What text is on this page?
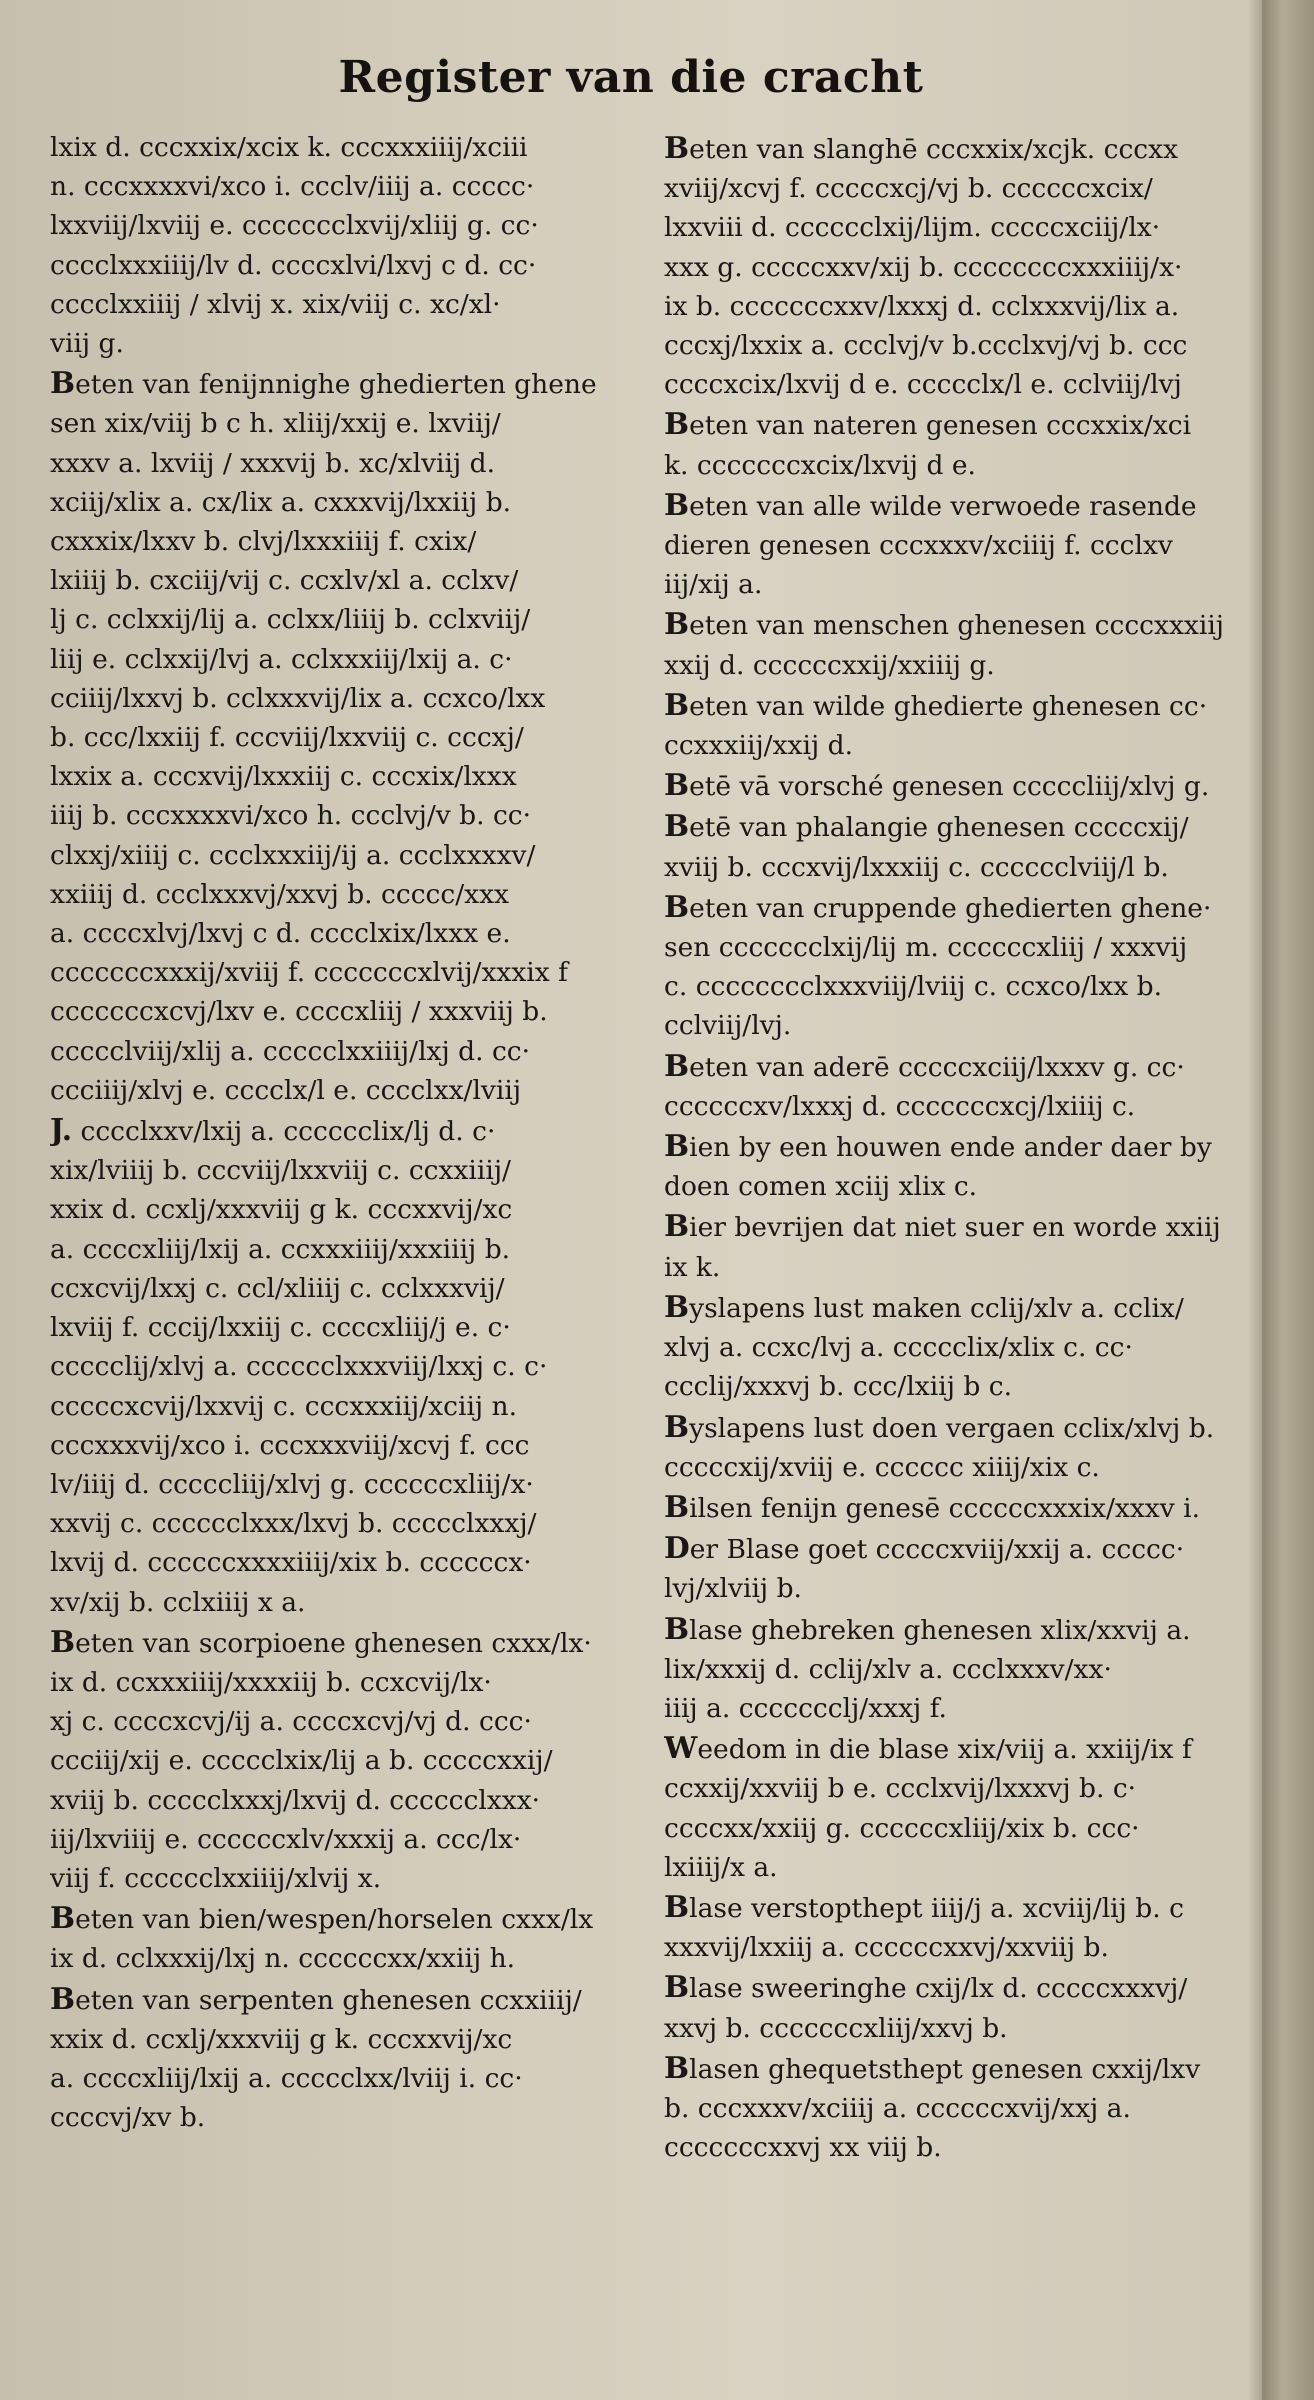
Register van die cracht
lxix d. cccxxix/xcix k. cccxxxiiij/xciii
n. cccxxxxvi/xco i. ccclv/iiij a. ccccc·
lxxviij/lxviij e. ccccccclxvij/xliij g. cc·
cccclxxxiiij/lv d. ccccxlvi/lxvj c d. cc·
cccclxxiiij / xlvij x. xix/viij c. xc/xl·
viij g.
Beten van fenijnnighe ghedierten ghene
sen xix/viij b c h. xliij/xxij e. lxviij/
xxxv a. lxviij / xxxvij b. xc/xlviij d.
xciij/xlix a. cx/lix a. cxxxvij/lxxiij b.
cxxxix/lxxv b. clvj/lxxxiiij f. cxix/
lxiiij b. cxciij/vij c. ccxlv/xl a. cclxv/
lj c. cclxxij/lij a. cclxx/liiij b. cclxviij/
liij e. cclxxij/lvj a. cclxxxiij/lxij a. c·
cciiij/lxxvj b. cclxxxvij/lix a. ccxco/lxx
b. ccc/lxxiij f. cccviij/lxxviij c. cccxj/
lxxix a. cccxvij/lxxxiij c. cccxix/lxxx
iiij b. cccxxxxvi/xco h. ccclvj/v b. cc·
clxxj/xiiij c. ccclxxxiij/ij a. ccclxxxxv/
xxiiij d. ccclxxxvj/xxvj b. ccccc/xxx
a. ccccxlvj/lxvj c d. cccclxix/lxxx e.
cccccccxxxij/xviij f. cccccccxlvij/xxxix f
cccccccxcvj/lxv e. ccccxliij / xxxviij b.
ccccclviij/xlij a. ccccclxxiiij/lxj d. cc·
ccciiij/xlvj e. cccclx/l e. cccclxx/lviij
J. cccclxxv/lxij a. cccccclix/lj d. c·
xix/lviiij b. cccviij/lxxviij c. ccxxiiij/
xxix d. ccxlj/xxxviij g k. cccxxvij/xc
a. ccccxliij/lxij a. ccxxxiiij/xxxiiij b.
ccxcvij/lxxj c. ccl/xliiij c. cclxxxvij/
lxviij f. cccij/lxxiij c. ccccxliij/j e. c·
ccccclij/xlvj a. cccccclxxxviij/lxxj c. c·
cccccxcvij/lxxvij c. cccxxxiij/xciij n.
cccxxxvij/xco i. cccxxxviij/xcvj f. ccc
lv/iiij d. cccccliij/xlvj g. ccccccxliij/x·
xxvij c. cccccclxxx/lxvj b. ccccclxxxj/
lxvij d. ccccccxxxxiiij/xix b. ccccccx·
xv/xij b. cclxiiij x a.
Beten van scorpioene ghenesen cxxx/lx·
ix d. ccxxxiiij/xxxxiij b. ccxcvij/lx·
xj c. ccccxcvj/ij a. ccccxcvj/vj d. ccc·
ccciij/xij e. ccccclxix/lij a b. cccccxxij/
xviij b. ccccclxxxj/lxvij d. cccccclxxx·
iij/lxviiij e. ccccccxlv/xxxij a. ccc/lx·
viij f. cccccclxxiiij/xlvij x.
Beten van bien/wespen/horselen cxxx/lx
ix d. cclxxxij/lxj n. ccccccxx/xxiij h.
Beten van serpenten ghenesen ccxxiiij/
xxix d. ccxlj/xxxviij g k. cccxxvij/xc
a. ccccxliij/lxij a. ccccclxx/lviij i. cc·
ccccvj/xv b.
Beten van slanghē cccxxix/xcjk. cccxx
xviij/xcvj f. cccccxcj/vj b. ccccccxcix/
lxxviii d. cccccclxij/lijm. cccccxciij/lx·
xxx g. cccccxxv/xij b. ccccccccxxxiiij/x·
ix b. cccccccxxv/lxxxj d. cclxxxvij/lix a.
cccxj/lxxix a. ccclvj/v b.ccclxvj/vj b. ccc
ccccxcix/lxvij d e. ccccclx/l e. cclviij/lvj
Beten van nateren genesen cccxxix/xci
k. cccccccxcix/lxvij d e.
Beten van alle wilde verwoede rasende
dieren genesen cccxxxv/xciiij f. ccclxv
iij/xij a.
Beten van menschen ghenesen ccccxxxiij
xxij d. ccccccxxij/xxiiij g.
Beten van wilde ghedierte ghenesen cc·
ccxxxiij/xxij d.
Betē vā vorsché genesen cccccliij/xlvj g.
Betē van phalangie ghenesen cccccxij/
xviij b. cccxvij/lxxxiij c. cccccclviij/l b.
Beten van cruppende ghedierten ghene·
sen ccccccclxij/lij m. ccccccxliij / xxxvij
c. cccccccclxxxviij/lviij c. ccxco/lxx b.
cclviij/lvj.
Beten van aderē cccccxciij/lxxxv g. cc·
ccccccxv/lxxxj d. cccccccxcj/lxiiij c.
Bien by een houwen ende ander daer by
doen comen xciij xlix c.
Bier bevrijen dat niet suer en worde xxiij
ix k.
Byslapens lust maken cclij/xlv a. cclix/
xlvj a. ccxc/lvj a. ccccclix/xlix c. cc·
ccclij/xxxvj b. ccc/lxiij b c.
Byslapens lust doen vergaen cclix/xlvj b.
cccccxij/xviij e. cccccc xiiij/xix c.
Bilsen fenijn genesē ccccccxxxix/xxxv i.
Der Blase goet cccccxviij/xxij a. ccccc·
lvj/xlviij b.
Blase ghebreken ghenesen xlix/xxvij a.
lix/xxxij d. cclij/xlv a. ccclxxxv/xx·
iiij a. ccccccclj/xxxj f.
Weedom in die blase xix/viij a. xxiij/ix f
ccxxij/xxviij b e. ccclxvij/lxxxvj b. c·
ccccxx/xxiij g. ccccccxliij/xix b. ccc·
lxiiij/x a.
Blase verstopthept iiij/j a. xcviij/lij b. c
xxxvij/lxxiij a. ccccccxxvj/xxviij b.
Blase sweeringhe cxij/lx d. cccccxxxvj/
xxvj b. cccccccxliij/xxvj b.
Blasen ghequetsthept genesen cxxij/lxv
b. cccxxxv/xciiij a. ccccccxvij/xxj a.
cccccccxxvj xx viij b.
